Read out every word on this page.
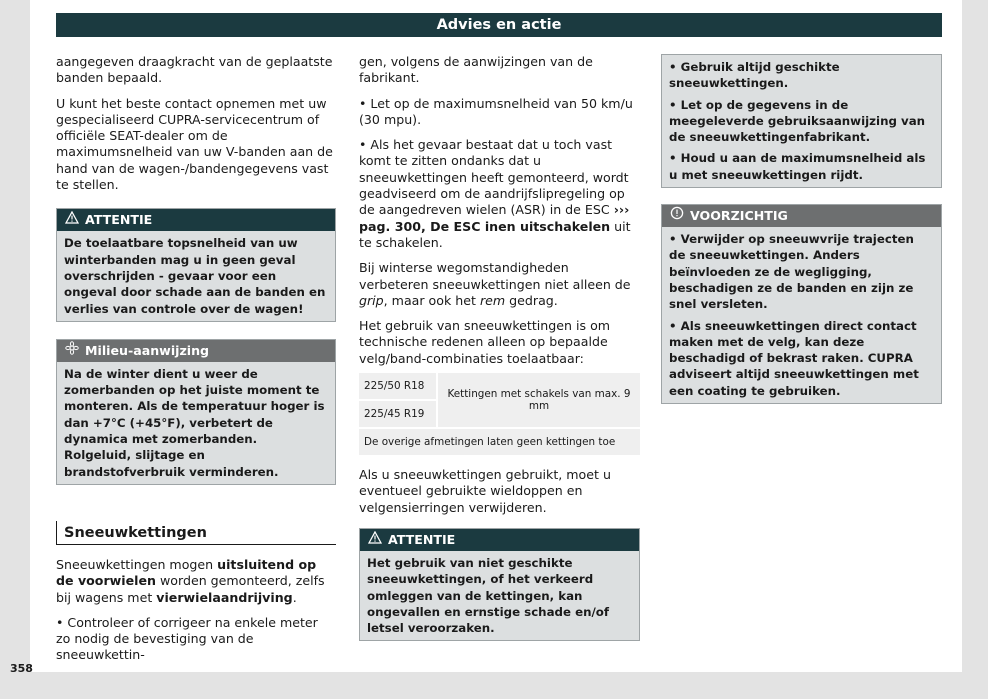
Advies en actie

aangegeven draagkracht van de geplaatste banden bepaald.

U kunt het beste contact opnemen met uw gespecialiseerd CUPRA-servicecentrum of officiële SEAT-dealer om de maximumsnelheid van uw V-banden aan de hand van de wagen-/bandengegevens vast te stellen.

ATTENTIE
De toelaatbare topsnelheid van uw winterbanden mag u in geen geval overschrijden - gevaar voor een ongeval door schade aan de banden en verlies van controle over de wagen!
Milieu-aanwijzing
Na de winter dient u weer de zomerbanden op het juiste moment te monteren. Als de temperatuur hoger is dan +7°C (+45°F), verbetert de dynamica met zomerbanden. Rolgeluid, slijtage en brandstofverbruik verminderen.
Sneeuwkettingen

Sneeuwkettingen mogen uitsluitend op de voorwielen worden gemonteerd, zelfs bij wagens met vierwielaandrijving.

• Controleer of corrigeer na enkele meter zo nodig de bevestiging van de sneeuwkettin-

gen, volgens de aanwijzingen van de fabrikant.

• Let op de maximumsnelheid van 50 km/u (30 mpu).

• Als het gevaar bestaat dat u toch vast komt te zitten ondanks dat u sneeuwkettingen heeft gemonteerd, wordt geadviseerd om de aandrijfslipregeling op de aangedreven wielen (ASR) in de ESC ››› pag. 300, De ESC inen uitschakelen uit te schakelen.

Bij winterse wegomstandigheden verbeteren sneeuwkettingen niet alleen de grip, maar ook het rem gedrag.

Het gebruik van sneeuwkettingen is om technische redenen alleen op bepaalde velg/band-combinaties toelaatbaar:

225/50 R18	Kettingen met schakels van max. 9 mm
225/45 R19
De overige afmetingen laten geen kettingen toe

Als u sneeuwkettingen gebruikt, moet u eventueel gebruikte wieldoppen en velgensierringen verwijderen.

ATTENTIE
Het gebruik van niet geschikte sneeuwkettingen, of het verkeerd omleggen van de kettingen, kan ongevallen en ernstige schade en/of letsel veroorzaken.
• Gebruik altijd geschikte sneeuwkettingen.
• Let op de gegevens in de meegeleverde gebruiksaanwijzing van de sneeuwkettingenfabrikant.
• Houd u aan de maximumsnelheid als u met sneeuwkettingen rijdt.
VOORZICHTIG
• Verwijder op sneeuwvrije trajecten de sneeuwkettingen. Anders beïnvloeden ze de wegligging, beschadigen ze de banden en zijn ze snel versleten.
• Als sneeuwkettingen direct contact maken met de velg, kan deze beschadigd of bekrast raken. CUPRA adviseert altijd sneeuwkettingen met een coating te gebruiken.
358
